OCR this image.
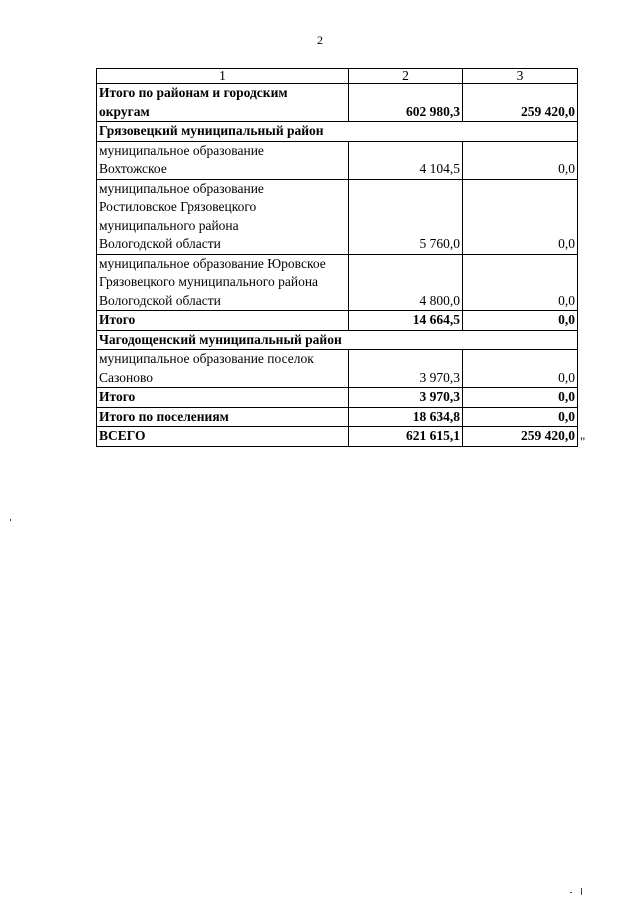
2
1	2	3

Итого по районам и городским
округам	602 980,3	259 420,0
Грязовецкий муниципальный район		

муниципальное образование
Вохтожское	4 104,5	0,0

муниципальное образование
Ростиловское Грязовецкого
муниципального района
Вологодской области	5 760,0	0,0

муниципальное образование Юровское
Грязовецкого муниципального района
Вологодской области	4 800,0	0,0
Итого	14 664,5	0,0
Чагодощенский муниципальный район		

муниципальное образование поселок
Сазоново	3 970,3	0,0
Итого	3 970,3	0,0
Итого по поселениям	18 634,8	0,0
ВСЕГО	621 615,1	259 420,0 "
